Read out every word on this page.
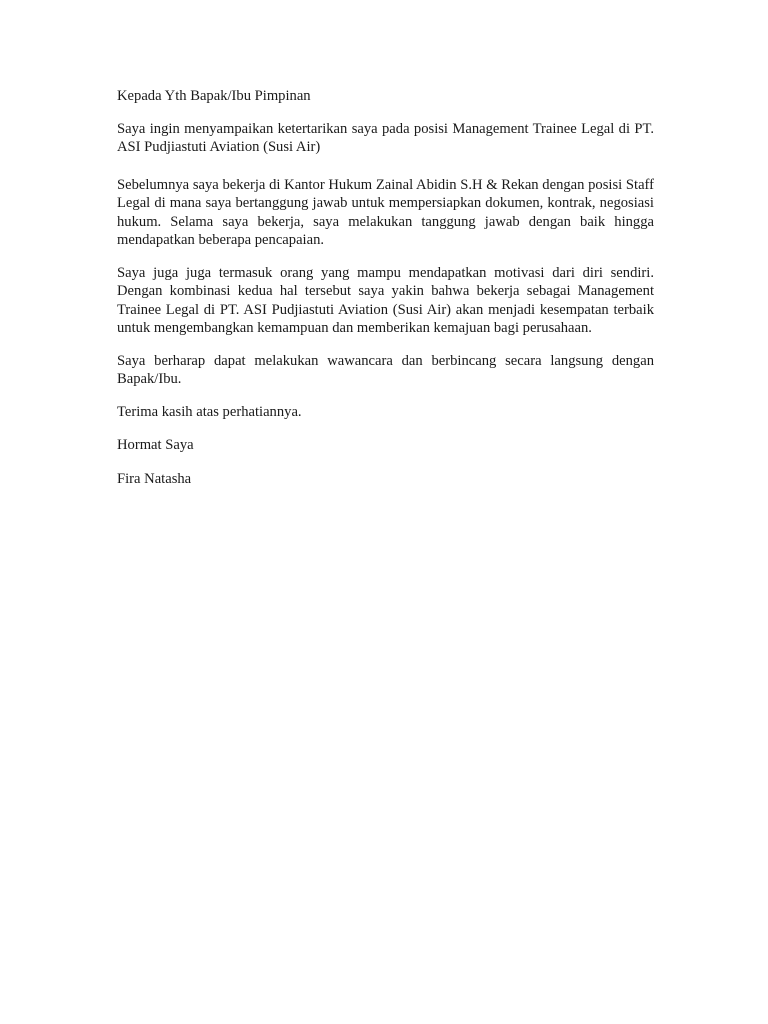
Kepada Yth Bapak/Ibu Pimpinan

Saya ingin menyampaikan ketertarikan saya pada posisi Management Trainee Legal di PT. ASI Pudjiastuti Aviation (Susi Air)

Sebelumnya saya bekerja di Kantor Hukum Zainal Abidin S.H & Rekan dengan posisi Staff Legal di mana saya bertanggung jawab untuk mempersiapkan dokumen, kontrak, negosiasi hukum. Selama saya bekerja, saya melakukan tanggung jawab dengan baik hingga mendapatkan beberapa pencapaian.

Saya juga juga termasuk orang yang mampu mendapatkan motivasi dari diri sendiri. Dengan kombinasi kedua hal tersebut saya yakin bahwa bekerja sebagai Management Trainee Legal di PT. ASI Pudjiastuti Aviation (Susi Air) akan menjadi kesempatan terbaik untuk mengembangkan kemampuan dan memberikan kemajuan bagi perusahaan.

Saya berharap dapat melakukan wawancara dan berbincang secara langsung dengan Bapak/Ibu.

Terima kasih atas perhatiannya.

Hormat Saya

Fira Natasha
